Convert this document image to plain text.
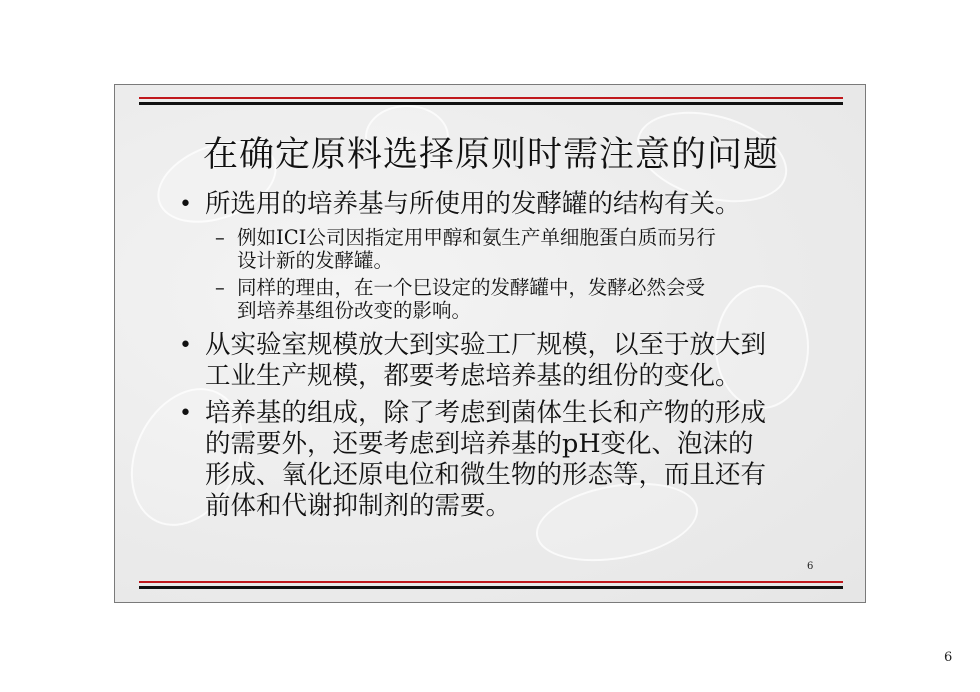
在确定原料选择原则时需注意的问题
• 所选用的培养基与所使用的发酵罐的结构有关。
– 例如ICI公司因指定用甲醇和氨生产单细胞蛋白质而另行
设计新的发酵罐。
– 同样的理由，在一个巳设定的发酵罐中，发酵必然会受
到培养基组份改变的影响。
• 从实验室规模放大到实验工厂规模，以至于放大到
工业生产规模，都要考虑培养基的组份的变化。
• 培养基的组成，除了考虑到菌体生长和产物的形成
的需要外，还要考虑到培养基的pH变化、泡沫的
形成、氧化还原电位和微生物的形态等，而且还有
前体和代谢抑制剂的需要。
6
6
